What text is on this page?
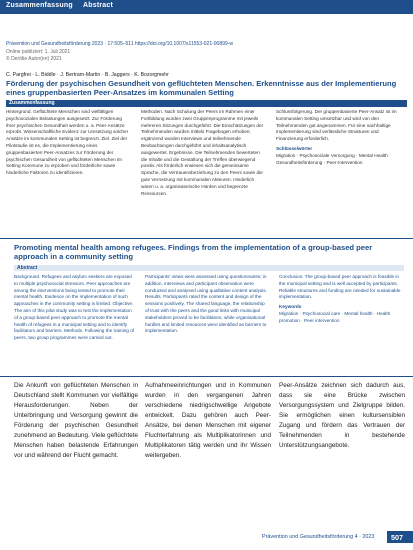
Zusammenfassung Abstract
Prävention und Gesundheitsförderung 2023 · 17:505–511 https://doi.org/10.1007/s11553-021-00899-w
Online publiziert: 1. Juli 2021
© Der/die Autor(en) 2021
C. Pargfrei · L. Biddle · J. Bertram-Martin · B. Jaggers · K. Bozorgmehr
Förderung der psychischen Gesundheit von geflüchteten Menschen. Erkenntnisse aus der Implementierung eines gruppenbasierten Peer-Ansatzes im kommunalen Setting
Zusammenfassung
Hintergrund. Geflüchtete Menschen sind vielfältigen psychosozialen Belastungen ausgesetzt. Zur Förderung ihrer psychischen Gesundheit werden u. a. Peer-Ansätze erprobt. Wissenschaftliche Evidenz zur Umsetzung solcher Ansätze im kommunalen Setting ist begrenzt. Ziel. Ziel der Pilotstudie ist es, die Implementierung eines gruppenbasierten Peer-Ansatzes zur Förderung der psychischen Gesundheit von geflüchteten Menschen im Setting Kommune zu erproben und förderliche sowie hinderliche Faktoren zu identifizieren.
Methoden. Nach Schulung der Peers im Rahmen einer Fortbildung wurden zwei Gruppenprogramme mit jeweils mehreren Sitzungen durchgeführt. Die Einschätzungen der Teilnehmenden wurden mittels Fragebogen erhoben; ergänzend wurden Interviews und teilnehmende Beobachtungen durchgeführt und inhaltsanalytisch ausgewertet. Ergebnisse. Die Teilnehmenden bewerteten die Inhalte und die Gestaltung der Treffen überwiegend positiv. Als förderlich erwiesen sich die gemeinsame Sprache, die Vertrauensbeziehung zu den Peers sowie die gute Vernetzung mit kommunalen Akteuren. Hinderlich waren u. a. organisatorische Hürden und begrenzte Ressourcen.
Schlussfolgerung. Der gruppenbasierte Peer-Ansatz ist im kommunalen Setting umsetzbar und wird von den Teilnehmenden gut angenommen. Für eine nachhaltige Implementierung sind verlässliche Strukturen und Finanzierung erforderlich.
Schlüsselwörter
Migration · Psychosoziale Versorgung · Mental Health · Gesundheitsförderung · Peer-Intervention
Promoting mental health among refugees. Findings from the implementation of a group-based peer approach in a community setting
Abstract
Background. Refugees and asylum seekers are exposed to multiple psychosocial stressors. Peer approaches are among the interventions being tested to promote their mental health. Evidence on the implementation of such approaches in the community setting is limited. Objective. The aim of this pilot study was to test the implementation of a group-based peer approach to promote the mental health of refugees in a municipal setting and to identify facilitators and barriers. Methods. Following the training of peers, two group programmes were carried out.
Participants' views were assessed using questionnaires; in addition, interviews and participant observation were conducted and analysed using qualitative content analysis. Results. Participants rated the content and design of the sessions positively. The shared language, the relationship of trust with the peers and the good links with municipal stakeholders proved to be facilitators, while organisational hurdles and limited resources were identified as barriers to implementation.
Conclusion. The group-based peer approach is feasible in the municipal setting and is well accepted by participants. Reliable structures and funding are needed for sustainable implementation.
Keywords
Migration · Psychosocial care · Mental health · Health promotion · Peer intervention
Die Ankunft von geflüchteten Menschen in Deutschland stellt Kommunen vor vielfältige Herausforderungen. Neben der Unterbringung und Versorgung gewinnt die Förderung der psychischen Gesundheit zunehmend an Bedeutung. Viele geflüchtete Menschen haben belastende Erfahrungen vor und während der Flucht gemacht.
Aufnahmeeinrichtungen und in Kommunen wurden in den vergangenen Jahren verschiedene niedrigschwellige Angebote entwickelt. Dazu gehören auch Peer-Ansätze, bei denen Menschen mit eigener Fluchterfahrung als Multiplikatorinnen und Multiplikatoren tätig werden und ihr Wissen weitergeben.
Peer-Ansätze zeichnen sich dadurch aus, dass sie eine Brücke zwischen Versorgungssystem und Zielgruppe bilden. Sie ermöglichen einen kultursensiblen Zugang und fördern das Vertrauen der Teilnehmenden in bestehende Unterstützungsangebote.
Prävention und Gesundheitsförderung 4 · 2023 507
